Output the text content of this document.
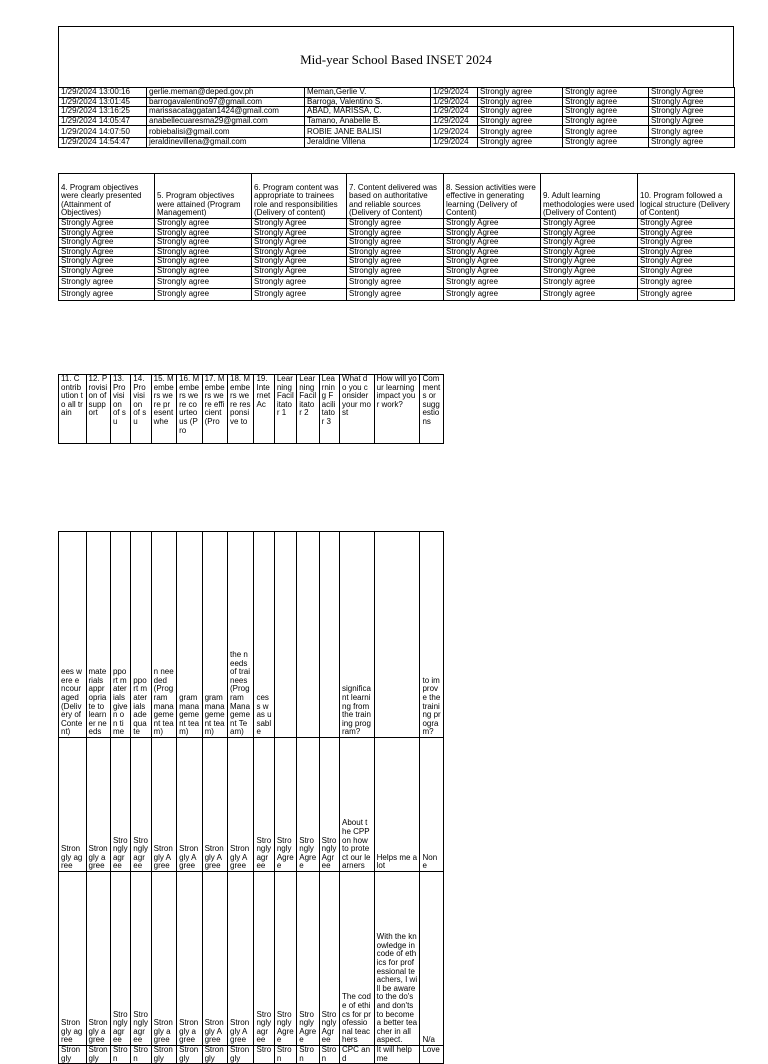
Mid-year School Based INSET 2024
1/29/2024 13:00:16	gerlie.meman@deped.gov.ph	Meman,Gerlie V.	1/29/2024	Strongly agree	Strongly agree	Strongly Agree
1/29/2024 13:01:45	barrogavalentino97@gmail.com	Barroga, Valentino S.	1/29/2024	Strongly agree	Strongly agree	Strongly Agree
1/29/2024 13:16:25	marissacataggatan1424@gmail.com	ABAD, MARISSA, C.	1/29/2024	Strongly agree	Strongly agree	Strongly Agree
1/29/2024 14:05:47	anabellecuaresma29@gmail.com	Tamano, Anabelle B.	1/29/2024	Strongly agree	Strongly agree	Strongly Agree
1/29/2024 14:07:50	robiebalisi@gmail.com	ROBIE JANE BALISI	1/29/2024	Strongly agree	Strongly agree	Strongly agree
1/29/2024 14:54:47	jeraldinevillena@gmail.com	Jeraldine Villena	1/29/2024	Strongly agree	Strongly agree	Strongly agree
4. Program objectives were clearly presented (Attainment of Objectives)	5. Program objectives were attained (Program Management)	6. Program content was appropriate to trainees role and responsibilities (Delivery of content)	7. Content delivered was based on authoritative and reliable sources (Delivery of Content)	8. Session activities were effective in generating learning (Delivery of Content)	9. Adult learning methodologies were used (Delivery of Content)	10. Program followed a logical structure (Delivery of Content)
Strongly Agree	Strongly agree	Strongly Agree	Strongly agree	Strongly Agree	Strongly Agree	Strongly Agree
Strongly Agree	Strongly agree	Strongly Agree	Strongly agree	Strongly Agree	Strongly Agree	Strongly Agree
Strongly Agree	Strongly agree	Strongly Agree	Strongly agree	Strongly Agree	Strongly Agree	Strongly Agree
Strongly Agree	Strongly agree	Strongly Agree	Strongly agree	Strongly Agree	Strongly Agree	Strongly Agree
Strongly Agree	Strongly agree	Strongly Agree	Strongly agree	Strongly Agree	Strongly Agree	Strongly Agree
Strongly Agree	Strongly agree	Strongly Agree	Strongly agree	Strongly Agree	Strongly Agree	Strongly Agree
Strongly agree	Strongly agree	Strongly agree	Strongly agree	Strongly agree	Strongly agree	Strongly agree
Strongly agree	Strongly agree	Strongly agree	Strongly agree	Strongly agree	Strongly agree	Strongly agree
11. Contribution to all train	12. Provision of support	13. Provision of su	14. Provision of su	15. Members were present whe	16. Members were courteous (Pro	17. Members were efficient (Pro	18. Members were responsive to	19. Internet Ac	Learning Facilitator 1	Learning Facilitator 2	Learning Facilitator 3	What do you consider your most	How will your learning impact your work?	Comments or suggestions
ees were encouraged (Delivery of Content)	materials appropriate to learner needs	pport materials given on time	pport materials adequate	n needed (Program management team)	gram management team)	gram management team)	the needs of trainees (Program Management Team)	cess was usable				significant learning from the training program?		to improve the training program?
Strongly agree	Strongly agree	Strongly agree	Strongly agree	Strongly Agree	Strongly Agree	Strongly Agree	Strongly Agree	Strongly agree	Strongly Agree	Strongly Agree	Strongly Agree	About the CPP on how to protect our learners	Helps me a lot	None
Strongly agree	Strongly agree	Strongly agree	Strongly agree	Strongly agree	Strongly agree	Strongly Agree	Strongly Agree	Strongly agree	Strongly Agree	Strongly Agree	Strongly Agree	The code of ethics for professional teachers	With the knowledge in code of ethics for professional teachers, I will be aware to the do's and don'ts to become a better teacher in all aspect.	N/a
Strongly	Strongly	Stron	Stron	Strongly	Strongly	Strongly	Strongly	Stro	Stron	Stron	Stron	CPC and	It will help me	Love
